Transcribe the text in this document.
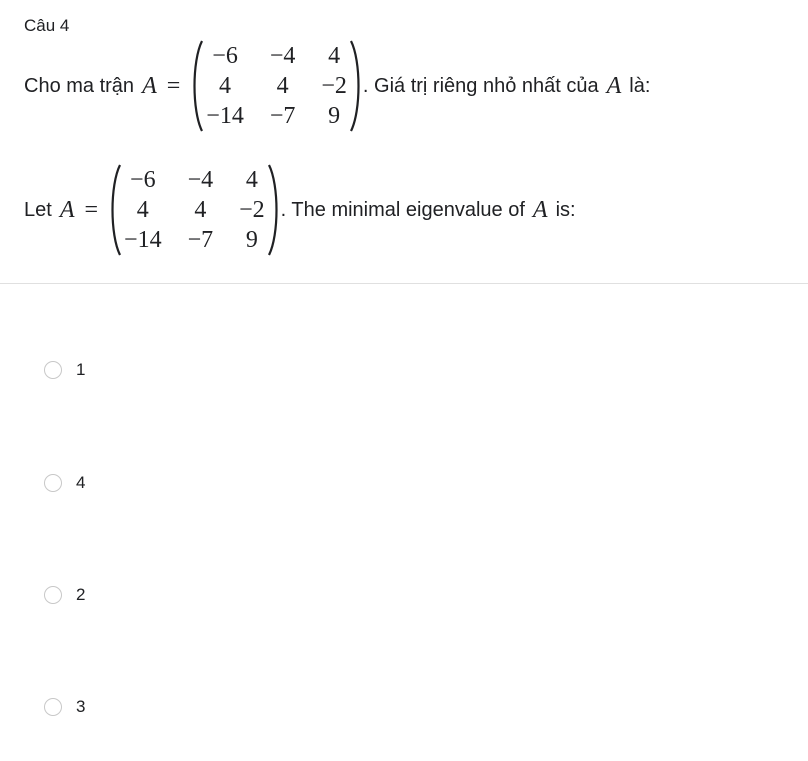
Câu 4
Cho ma trận A =
−6 −4 4
4	4 −2
−14 −7 9
. Giá trị riêng nhỏ nhất của A là:
Let A =
−6 −4 4
4	4 −2
−14 −7 9
. The minimal eigenvalue of A is:
1
4
2
3
